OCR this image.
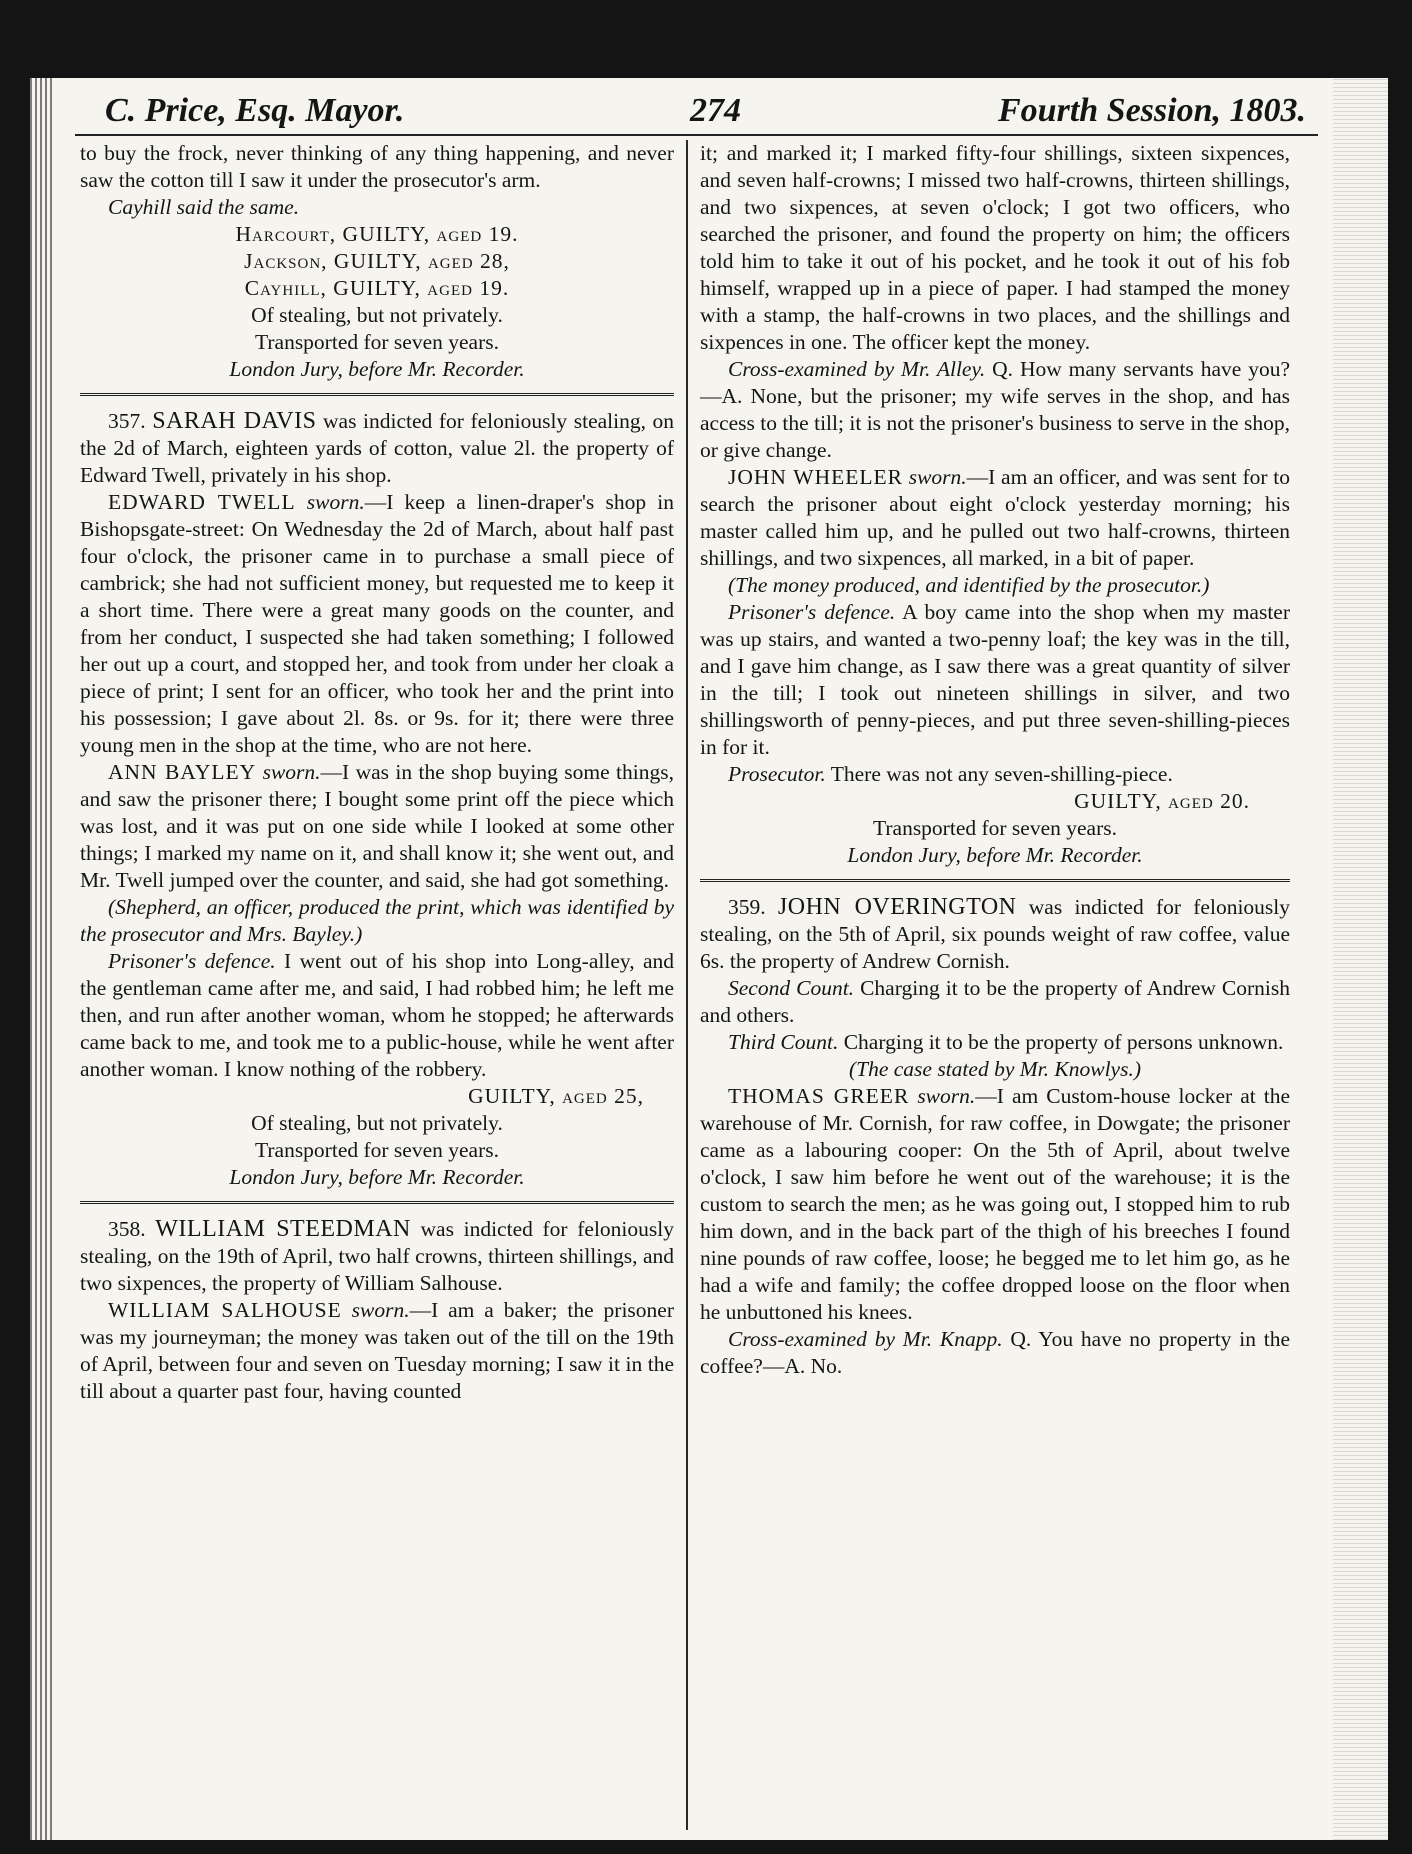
C. Price, Esq. Mayor.	274	Fourth Session, 1803.

to buy the frock, never thinking of any thing happening, and never saw the cotton till I saw it under the prosecutor's arm.

Cayhill said the same.

Harcourt, GUILTY, aged 19.

Jackson, GUILTY, aged 28,

Cayhill, GUILTY, aged 19.

Of stealing, but not privately.

Transported for seven years.

London Jury, before Mr. Recorder.

357. SARAH DAVIS was indicted for feloniously stealing, on the 2d of March, eighteen yards of cotton, value 2l. the property of Edward Twell, privately in his shop.

EDWARD TWELL sworn.—I keep a linen-draper's shop in Bishopsgate-street: On Wednesday the 2d of March, about half past four o'clock, the prisoner came in to purchase a small piece of cambrick; she had not sufficient money, but requested me to keep it a short time. There were a great many goods on the counter, and from her conduct, I suspected she had taken something; I followed her out up a court, and stopped her, and took from under her cloak a piece of print; I sent for an officer, who took her and the print into his possession; I gave about 2l. 8s. or 9s. for it; there were three young men in the shop at the time, who are not here.

ANN BAYLEY sworn.—I was in the shop buying some things, and saw the prisoner there; I bought some print off the piece which was lost, and it was put on one side while I looked at some other things; I marked my name on it, and shall know it; she went out, and Mr. Twell jumped over the counter, and said, she had got something.

(Shepherd, an officer, produced the print, which was identified by the prosecutor and Mrs. Bayley.)

Prisoner's defence. I went out of his shop into Long-alley, and the gentleman came after me, and said, I had robbed him; he left me then, and run after another woman, whom he stopped; he afterwards came back to me, and took me to a public-house, while he went after another woman. I know nothing of the robbery.

GUILTY, aged 25,

Of stealing, but not privately.

Transported for seven years.

London Jury, before Mr. Recorder.

358. WILLIAM STEEDMAN was indicted for feloniously stealing, on the 19th of April, two half crowns, thirteen shillings, and two sixpences, the property of William Salhouse.

WILLIAM SALHOUSE sworn.—I am a baker; the prisoner was my journeyman; the money was taken out of the till on the 19th of April, between four and seven on Tuesday morning; I saw it in the till about a quarter past four, having counted

it; and marked it; I marked fifty-four shillings, sixteen sixpences, and seven half-crowns; I missed two half-crowns, thirteen shillings, and two sixpences, at seven o'clock; I got two officers, who searched the prisoner, and found the property on him; the officers told him to take it out of his pocket, and he took it out of his fob himself, wrapped up in a piece of paper. I had stamped the money with a stamp, the half-crowns in two places, and the shillings and sixpences in one. The officer kept the money.

Cross-examined by Mr. Alley. Q. How many servants have you?—A. None, but the prisoner; my wife serves in the shop, and has access to the till; it is not the prisoner's business to serve in the shop, or give change.

JOHN WHEELER sworn.—I am an officer, and was sent for to search the prisoner about eight o'clock yesterday morning; his master called him up, and he pulled out two half-crowns, thirteen shillings, and two sixpences, all marked, in a bit of paper.

(The money produced, and identified by the prosecutor.)

Prisoner's defence. A boy came into the shop when my master was up stairs, and wanted a two-penny loaf; the key was in the till, and I gave him change, as I saw there was a great quantity of silver in the till; I took out nineteen shillings in silver, and two shillingsworth of penny-pieces, and put three seven-shilling-pieces in for it.

Prosecutor. There was not any seven-shilling-piece.

GUILTY, aged 20.

Transported for seven years.

London Jury, before Mr. Recorder.

359. JOHN OVERINGTON was indicted for feloniously stealing, on the 5th of April, six pounds weight of raw coffee, value 6s. the property of Andrew Cornish.

Second Count. Charging it to be the property of Andrew Cornish and others.

Third Count. Charging it to be the property of persons unknown.

(The case stated by Mr. Knowlys.)

THOMAS GREER sworn.—I am Custom-house locker at the warehouse of Mr. Cornish, for raw coffee, in Dowgate; the prisoner came as a labouring cooper: On the 5th of April, about twelve o'clock, I saw him before he went out of the warehouse; it is the custom to search the men; as he was going out, I stopped him to rub him down, and in the back part of the thigh of his breeches I found nine pounds of raw coffee, loose; he begged me to let him go, as he had a wife and family; the coffee dropped loose on the floor when he unbuttoned his knees.

Cross-examined by Mr. Knapp. Q. You have no property in the coffee?—A. No.
